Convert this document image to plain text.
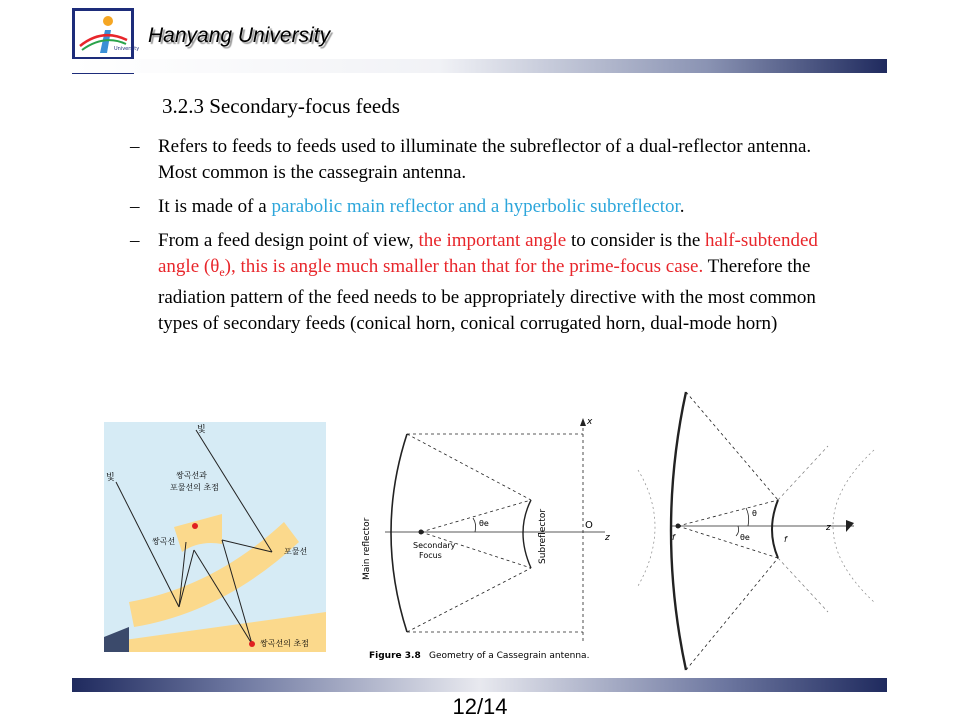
University
Hanyang University
3.2.3 Secondary-focus feeds
– Refers to feeds to feeds used to illuminate the subreflector of a dual-reflector antenna. Most common is the cassegrain antenna.
– It is made of a parabolic main reflector and a hyperbolic subreflector.
– From a feed design point of view, the important angle to consider is the half-subtended angle $(\theta_e)$, this is angle much smaller than that for the prime-focus case. Therefore the radiation pattern of the feed needs to be appropriately directive with the most common types of secondary feeds (conical horn, conical corrugated horn, dual-mode horn)
빛
빛	쌍곡선과
포물선의 초점
쌍곡선
포물선
쌍곡선의 초점
x
z
O
θe
Main reflector	Subreflector
Secondary
Focus
Figure 3.8 Geometry of a Cassegrain antenna.
z
θ
θe
f	f
12/14
